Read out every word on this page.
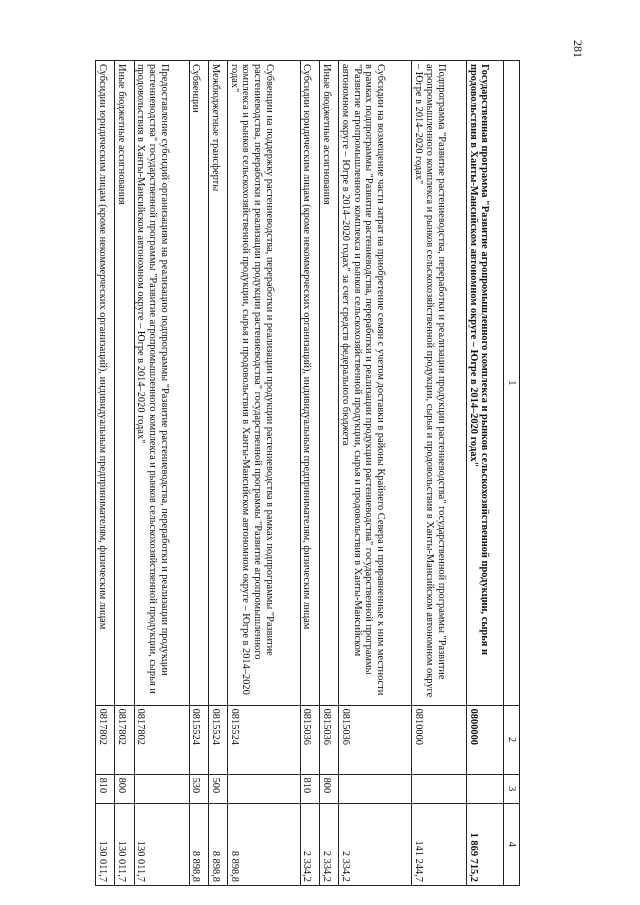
281
1	2	3	4
Государственная программа "Развитие агропромышленного комплекса и рынков сельскохозяйственной продукции, сырья и продовольствия в Ханты-Мансийском автономном округе – Югре в 2014–2020 годах"	0800000		1 869 715,2
Подпрограмма "Развитие растениеводства, переработки и реализации продукции растениеводства" государственной программы "Развитие агропромышленного комплекса и рынков сельскохозяйственной продукции, сырья и продовольствия в Ханты-Мансийском автономном округе – Югре в 2014–2020 годах"	0810000		141 244,7
Субсидии на возмещение части затрат на приобретение семян с учетом доставки в районы Крайнего Севера и приравненные к ним местности в рамках подпрограммы "Развитие растениеводства, переработки и реализации продукции растениеводства" государственной программы "Развитие агропромышленного комплекса и рынков сельскохозяйственной продукции, сырья и продовольствия в Ханты-Мансийском автономном округе – Югре в 2014–2020 годах" за счет средств федерального бюджета	0815036		2 334,2
Иные бюджетные ассигнования	0815036	800	2 334,2
Субсидии юридическим лицам (кроме некоммерческих организаций), индивидуальным предпринимателям, физическим лицам	0815036	810	2 334,2
Субвенции на поддержку растениеводства, переработки и реализации продукции растениеводства в рамках подпрограммы "Развитие растениеводства, переработки и реализации продукции растениеводства" государственной программы "Развитие агропромышленного комплекса и рынков сельскохозяйственной продукции, сырья и продовольствия в Ханты-Мансийском автономном округе – Югре в 2014–2020 годах"	0815524		8 898,8
Межбюджетные трансферты	0815524	500	8 898,8
Субвенции	0815524	530	8 898,8
Предоставление субсидий организациям на реализацию подпрограммы "Развитие растениеводства, переработки и реализации продукции растениеводства" государственной программы "Развитие агропромышленного комплекса и рынков сельскохозяйственной продукции, сырья и продовольствия в Ханты-Мансийском автономном округе – Югре в 2014–2020 годах"	0817802		130 011,7
Иные бюджетные ассигнования	0817802	800	130 011,7
Субсидии юридическим лицам (кроме некоммерческих организаций), индивидуальным предпринимателям, физическим лицам	0817802	810	130 011,7
